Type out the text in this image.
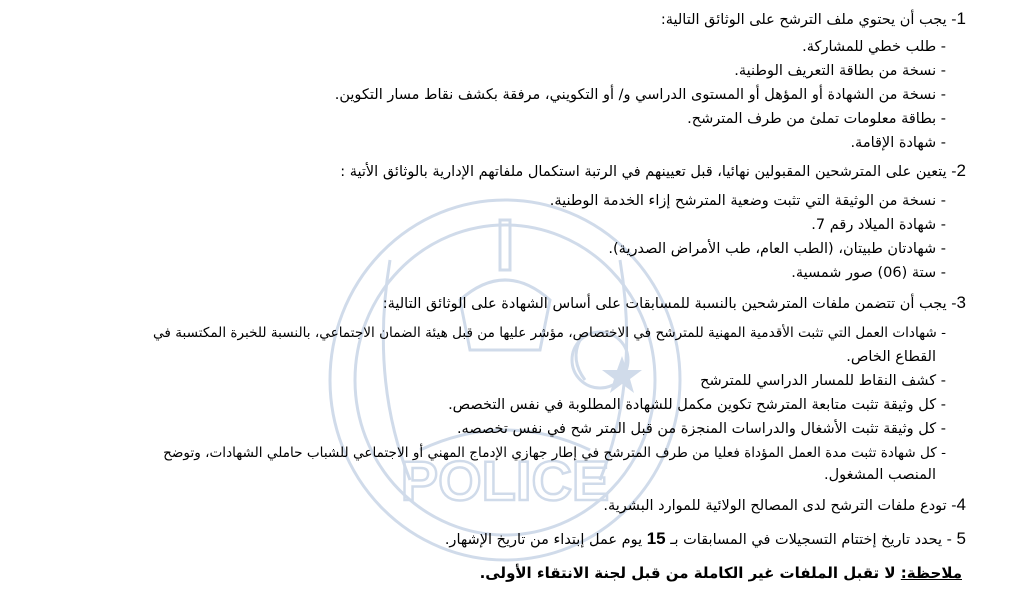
POLICE
1- يجب أن يحتوي ملف الترشح على الوثائق التالية:
- طلب خطي للمشاركة.
- نسخة من بطاقة التعريف الوطنية.
- نسخة من الشهادة أو المؤهل أو المستوى الدراسي و/ أو التكويني، مرفقة بكشف نقاط مسار التكوين.
- بطاقة معلومات تملئ من طرف المترشح.
- شهادة الإقامة.
2- يتعين على المترشحين المقبولين نهائيا، قبل تعيينهم في الرتبة استكمال ملفاتهم الإدارية بالوثائق الأتية :
- نسخة من الوثيقة التي تثبت وضعية المترشح إزاء الخدمة الوطنية.
- شهادة الميلاد رقم 7.
- شهادتان طبيتان، (الطب العام، طب الأمراض الصدرية).
- ستة (06) صور شمسية.
3- يجب أن تتضمن ملفات المترشحين بالنسبة للمسابقات على أساس الشهادة على الوثائق التالية:
- شهادات العمل التي تثبت الأقدمية المهنية للمترشح في الاختصاص، مؤشر عليها من قبل هيئة الضمان الاجتماعي، بالنسبة للخبرة المكتسبة في
القطاع الخاص.
- كشف النقاط للمسار الدراسي للمترشح
- كل وثيقة تثبت متابعة المترشح تكوين مكمل للشهادة المطلوبة في نفس التخصص.
- كل وثيقة تثبت الأشغال والدراسات المنجزة من قبل المتر شح في نفس تخصصه.
- كل شهادة تثبت مدة العمل المؤداة فعليا من طرف المترشح في إطار جهازي الإدماج المهني أو الاجتماعي للشباب حاملي الشهادات، وتوضح
المنصب المشغول.
4- تودع ملفات الترشح لدى المصالح الولائية للموارد البشرية.
5 - يحدد تاريخ إختتام التسجيلات في المسابقات بـ 15 يوم عمل إبتداء من تاريخ الإشهار.
ملاحظة: لا تقبل الملفات غير الكاملة من قبل لجنة الانتقاء الأولى.
